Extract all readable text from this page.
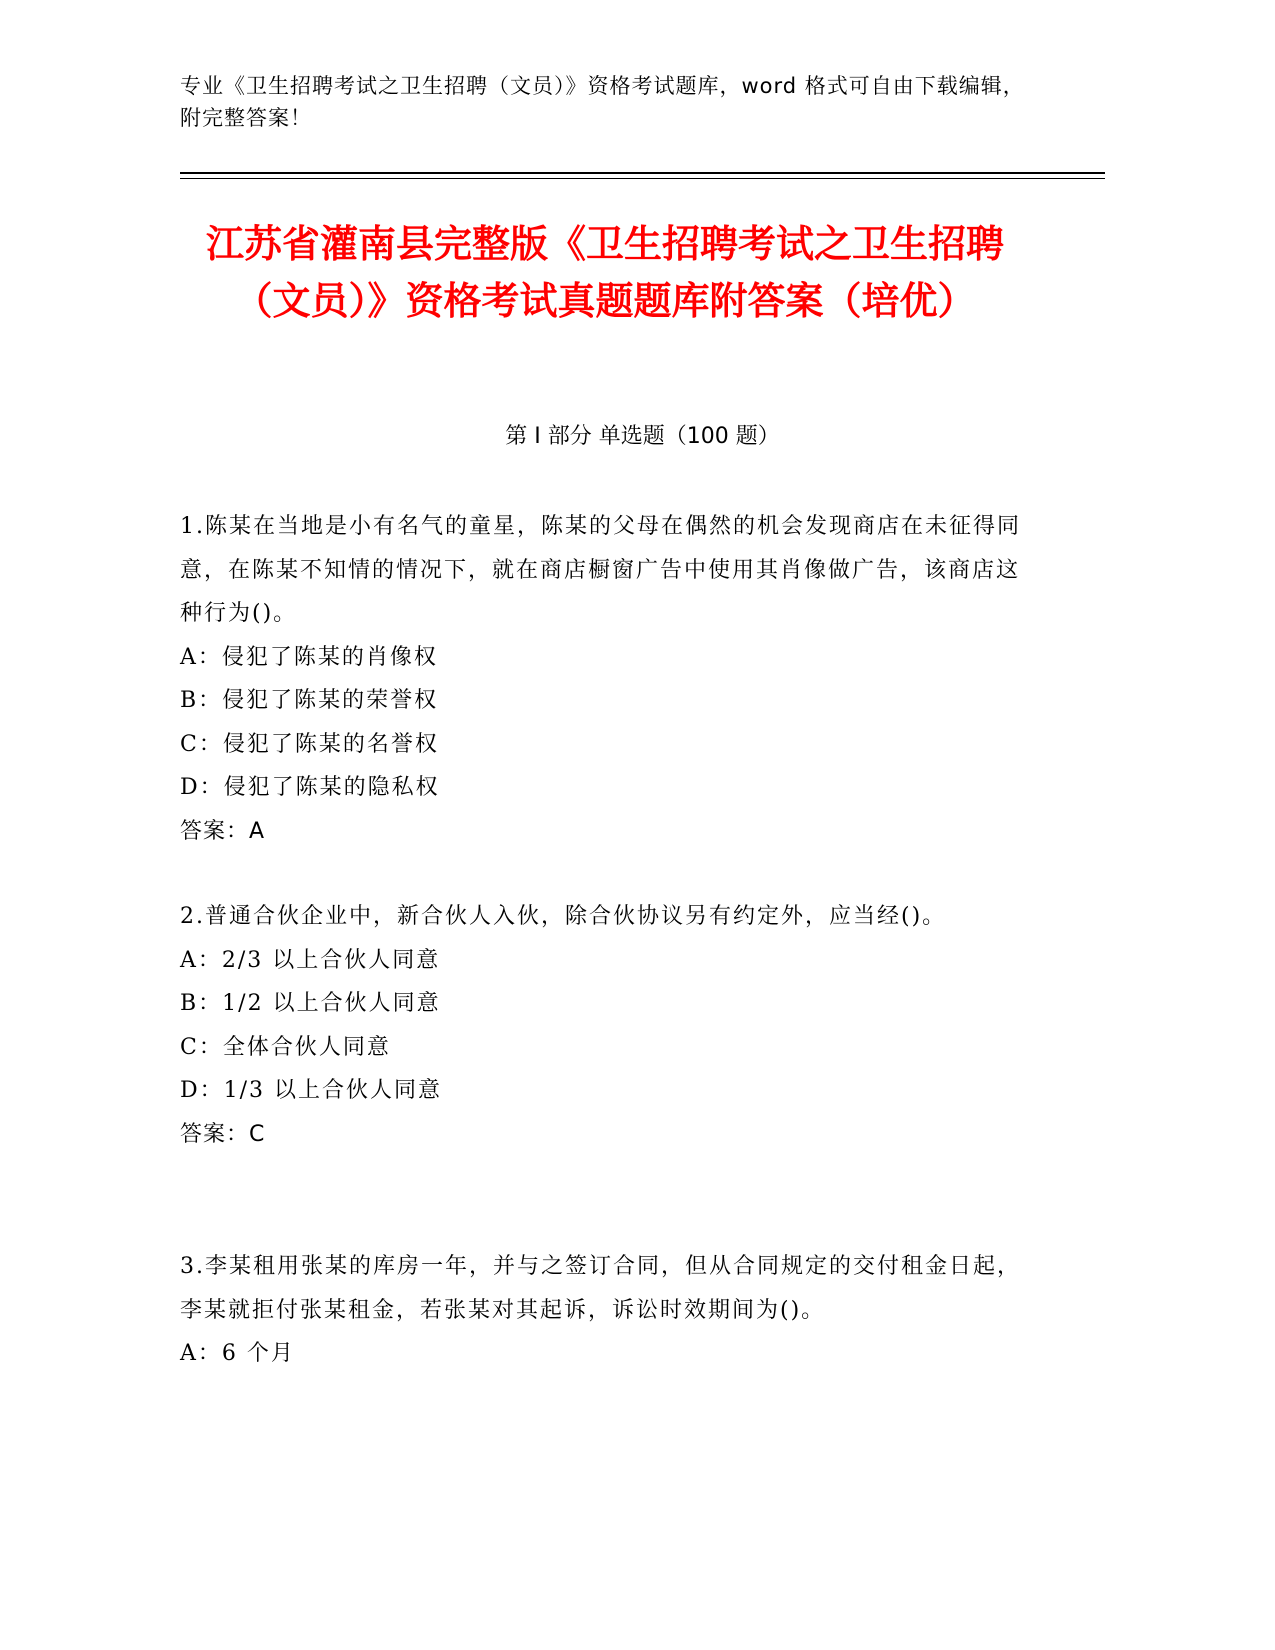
专业《卫生招聘考试之卫生招聘（文员）》资格考试题库，word 格式可自由下载编辑，附完整答案！

江苏省灌南县完整版《卫生招聘考试之卫生招聘（文员）》资格考试真题题库附答案（培优）
第 I 部分 单选题（100 题）

1.陈某在当地是小有名气的童星，陈某的父母在偶然的机会发现商店在未征得同意，在陈某不知情的情况下，就在商店橱窗广告中使用其肖像做广告，该商店这种行为()。

A：侵犯了陈某的肖像权

B：侵犯了陈某的荣誉权

C：侵犯了陈某的名誉权

D：侵犯了陈某的隐私权

答案：A

2.普通合伙企业中，新合伙人入伙，除合伙协议另有约定外，应当经()。

A：2/3 以上合伙人同意

B：1/2 以上合伙人同意

C：全体合伙人同意

D：1/3 以上合伙人同意

答案：C

3.李某租用张某的库房一年，并与之签订合同，但从合同规定的交付租金日起，李某就拒付张某租金，若张某对其起诉，诉讼时效期间为()。

A：6 个月
